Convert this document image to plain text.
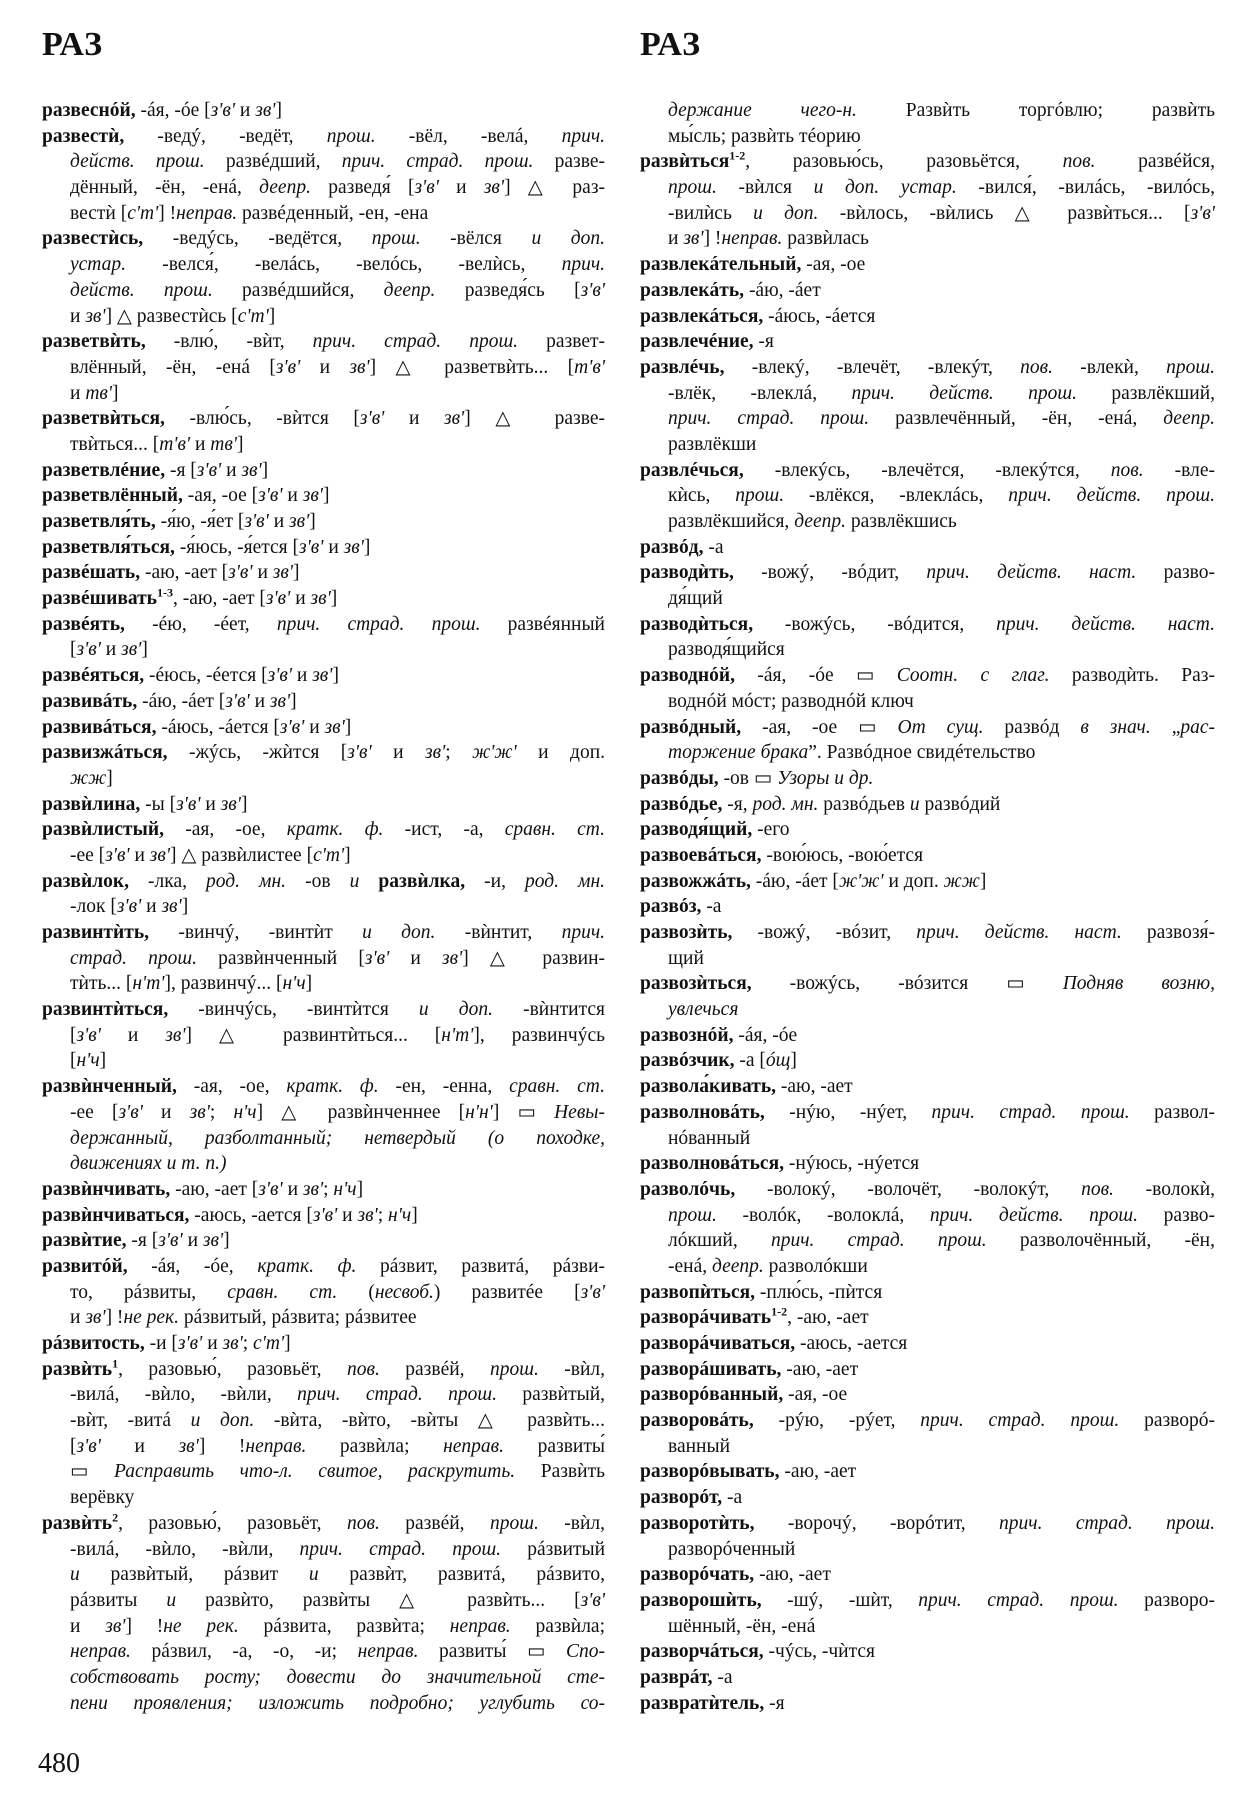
РАЗ	РАЗ
развеснóй, -áя, -óе [з'в' и зв']
развестѝ, -ведý, -ведёт, прош. -вёл, -велá, прич.
действ. прош. развéдший, прич. страд. прош. разве-
дённый, -ён, -енá, деепр. разведя́ [з'в' и зв'] △ раз-
вестѝ [с'т'] !неправ. развéденный, -ен, -ена
развестѝсь, -ведýсь, -ведётся, прош. -вёлся и доп.
устар. -велся́, -велáсь, -велóсь, -велѝсь, прич.
действ. прош. развéдшийся, деепр. разведя́сь [з'в'
и зв'] △ развестѝсь [с'т']
разветвѝть, -влю́, -вѝт, прич. страд. прош. развет-
влённый, -ён, -енá [з'в' и зв'] △ разветвѝть... [т'в'
и тв']
разветвѝться, -влю́сь, -вѝтся [з'в' и зв'] △ разве-
твѝться... [т'в' и тв']
разветвлéние, -я [з'в' и зв']
разветвлённый, -ая, -ое [з'в' и зв']
разветвля́ть, -я́ю, -я́ет [з'в' и зв']
разветвля́ться, -я́юсь, -я́ется [з'в' и зв']
развéшать, -аю, -ает [з'в' и зв']
развéшивать$^{1-3}$, -аю, -ает [з'в' и зв']
развéять, -éю, -éет, прич. страд. прош. развéянный
[з'в' и зв']
развéяться, -éюсь, -éется [з'в' и зв']
развивáть, -áю, -áет [з'в' и зв']
развивáться, -áюсь, -áется [з'в' и зв']
развизжáться, -жýсь, -жѝтся [з'в' и зв'; ж'ж' и доп.
жж]
развѝлина, -ы [з'в' и зв']
развѝлистый, -ая, -ое, кратк. ф. -ист, -а, сравн. ст.
-ее [з'в' и зв'] △ развѝлистее [с'т']
развѝлок, -лка, род. мн. -ов и развѝлка, -и, род. мн.
-лок [з'в' и зв']
развинтѝть, -винчý, -винтѝт и доп. -вѝнтит, прич.
страд. прош. развѝнченный [з'в' и зв'] △ развин-
тѝть... [н'т'], развинчý... [н'ч]
развинтѝться, -винчýсь, -винтѝтся и доп. -вѝнтится
[з'в' и зв'] △ развинтѝться... [н'т'], развинчýсь
[н'ч]
развѝнченный, -ая, -ое, кратк. ф. -ен, -енна, сравн. ст.
-ее [з'в' и зв'; н'ч] △ развѝнченнее [н'н'] ▭ Невы-
держанный, разболтанный; нетвердый (о походке,
движениях и т. п.)
развѝнчивать, -аю, -ает [з'в' и зв'; н'ч]
развѝнчиваться, -аюсь, -ается [з'в' и зв'; н'ч]
развѝтие, -я [з'в' и зв']
развитóй, -áя, -óе, кратк. ф. рáзвит, развитá, рáзви-
то, рáзвиты, сравн. ст. (несвоб.) развитéе [з'в'
и зв'] !не рек. рáзвитый, рáзвита; рáзвитее
рáзвитость, -и [з'в' и зв'; с'т']
развѝть$^1$, разовью́, разовьёт, пов. развéй, прош. -вѝл,
-вилá, -вѝло, -вѝли, прич. страд. прош. развѝтый,
-вѝт, -витá и доп. -вѝта, -вѝто, -вѝты △ развѝть...
[з'в' и зв'] !неправ. развѝла; неправ. развиты́
▭ Расправить что-л. свитое, раскрутить. Развѝть
верёвку
развѝть$^2$, разовью́, разовьёт, пов. развéй, прош. -вѝл,
-вилá, -вѝло, -вѝли, прич. страд. прош. рáзвитый
и развѝтый, рáзвит и развѝт, развитá, рáзвито,
рáзвиты и развѝто, развѝты △ развѝть... [з'в'
и зв'] !не рек. рáзвита, развѝта; неправ. развѝла;
неправ. рáзвил, -а, -о, -и; неправ. развиты́ ▭ Спо-
собствовать росту; довести до значительной сте-
пени проявления; изложить подробно; углубить со-
держание чего-н. Развѝть торгóвлю; развѝть
мы́сль; развѝть тéорию
развѝться$^{1-2}$, разовью́сь, разовьётся, пов. развéйся,
прош. -вѝлся и доп. устар. -вился́, -вилáсь, -вилóсь,
-вилѝсь и доп. -вѝлось, -вѝлись △ развѝться... [з'в'
и зв'] !неправ. развѝлась
развлекáтельный, -ая, -ое
развлекáть, -áю, -áет
развлекáться, -áюсь, -áется
развлечéние, -я
развлéчь, -влекý, -влечёт, -влекýт, пов. -влекѝ, прош.
-влёк, -влеклá, прич. действ. прош. развлёкший,
прич. страд. прош. развлечённый, -ён, -енá, деепр.
развлёкши
развлéчься, -влекýсь, -влечётся, -влекýтся, пов. -вле-
кѝсь, прош. -влёкся, -влеклáсь, прич. действ. прош.
развлёкшийся, деепр. развлёкшись
развóд, -а
разводѝть, -вожý, -вóдит, прич. действ. наст. разво-
дя́щий
разводѝться, -вожýсь, -вóдится, прич. действ. наст.
разводя́щийся
разводнóй, -áя, -óе ▭ Соотн. с глаг. разводѝть. Раз-
воднóй мóст; разводнóй ключ
развóдный, -ая, -ое ▭ От сущ. развóд в знач. „рас-
торжение брака”. Развóдное свидéтельство
развóды, -ов ▭ Узоры и др.
развóдье, -я, род. мн. развóдьев и развóдий
разводя́щий, -его
развоевáться, -вою́юсь, -вою́ется
развожжáть, -áю, -áет [ж'ж' и доп. жж]
развóз, -а
развозѝть, -вожý, -вóзит, прич. действ. наст. развозя́-
щий
развозѝться, -вожýсь, -вóзится ▭ Подняв возню,
увлечься
развознóй, -áя, -óе
развóзчик, -а [óщ]
развола́кивать, -аю, -ает
разволновáть, -нýю, -нýет, прич. страд. прош. развол-
нóванный
разволновáться, -нýюсь, -нýется
разволóчь, -волокý, -волочёт, -волокýт, пов. -волокѝ,
прош. -волóк, -волоклá, прич. действ. прош. разво-
лóкший, прич. страд. прош. разволочённый, -ён,
-енá, деепр. разволóкши
развопѝться, -плю́сь, -пѝтся
разворáчивать$^{1-2}$, -аю, -ает
разворáчиваться, -аюсь, -ается
разворáшивать, -аю, -ает
разворóванный, -ая, -ое
разворовáть, -рýю, -рýет, прич. страд. прош. разворó-
ванный
разворóвывать, -аю, -ает
разворóт, -а
разворотѝть, -ворочý, -ворóтит, прич. страд. прош.
разворóченный
разворóчать, -аю, -ает
разворошѝть, -шý, -шѝт, прич. страд. прош. разворо-
шённый, -ён, -енá
разворчáться, -чýсь, -чѝтся
разврáт, -а
развратѝтель, -я
480
